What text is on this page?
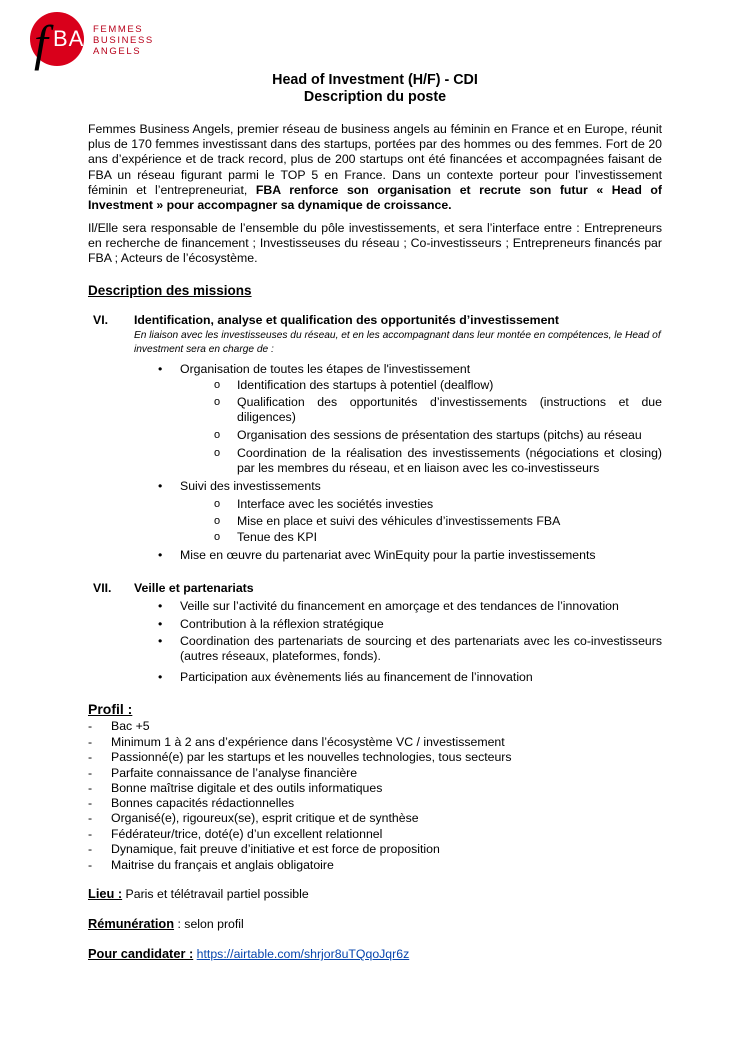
f BA FEMMES
BUSINESS
ANGELS
Head of Investment (H/F) - CDI
Description du poste

Femmes Business Angels, premier réseau de business angels au féminin en France et en Europe, réunit plus de 170 femmes investissant dans des startups, portées par des hommes ou des femmes. Fort de 20 ans d’expérience et de track record, plus de 200 startups ont été financées et accompagnées faisant de FBA un réseau figurant parmi le TOP 5 en France. Dans un contexte porteur pour l’investissement féminin et l’entrepreneuriat, FBA renforce son organisation et recrute son futur « Head of Investment » pour accompagner sa dynamique de croissance.

Il/Elle sera responsable de l’ensemble du pôle investissements, et sera l’interface entre : Entrepreneurs en recherche de financement ; Investisseuses du réseau ; Co-investisseurs ; Entrepreneurs financés par FBA ; Acteurs de l’écosystème.

Description des missions
VI. Identification, analyse et qualification des opportunités d’investissement
En liaison avec les investisseuses du réseau, et en les accompagnant dans leur montée en compétences, le Head of investment sera en charge de :
• Organisation de toutes les étapes de l'investissement
o Identification des startups à potentiel (dealflow)
o Qualification des opportunités d’investissements (instructions et due diligences)
o Organisation des sessions de présentation des startups (pitchs) au réseau
o Coordination de la réalisation des investissements (négociations et closing) par les membres du réseau, et en liaison avec les co-investisseurs
• Suivi des investissements
o Interface avec les sociétés investies
o Mise en place et suivi des véhicules d’investissements FBA
o Tenue des KPI
• Mise en œuvre du partenariat avec WinEquity pour la partie investissements
VII. Veille et partenariats
• Veille sur l’activité du financement en amorçage et des tendances de l’innovation
• Contribution à la réflexion stratégique
• Coordination des partenariats de sourcing et des partenariats avec les co-investisseurs (autres réseaux, plateformes, fonds).
• Participation aux évènements liés au financement de l’innovation
Profil :
- Bac +5
- Minimum 1 à 2 ans d’expérience dans l’écosystème VC / investissement
- Passionné(e) par les startups et les nouvelles technologies, tous secteurs
- Parfaite connaissance de l’analyse financière
- Bonne maîtrise digitale et des outils informatiques
- Bonnes capacités rédactionnelles
- Organisé(e), rigoureux(se), esprit critique et de synthèse
- Fédérateur/trice, doté(e) d’un excellent relationnel
- Dynamique, fait preuve d’initiative et est force de proposition
- Maitrise du français et anglais obligatoire
Lieu : Paris et télétravail partiel possible
Rémunération : selon profil
Pour candidater : https://airtable.com/shrjor8uTQqoJqr6z
